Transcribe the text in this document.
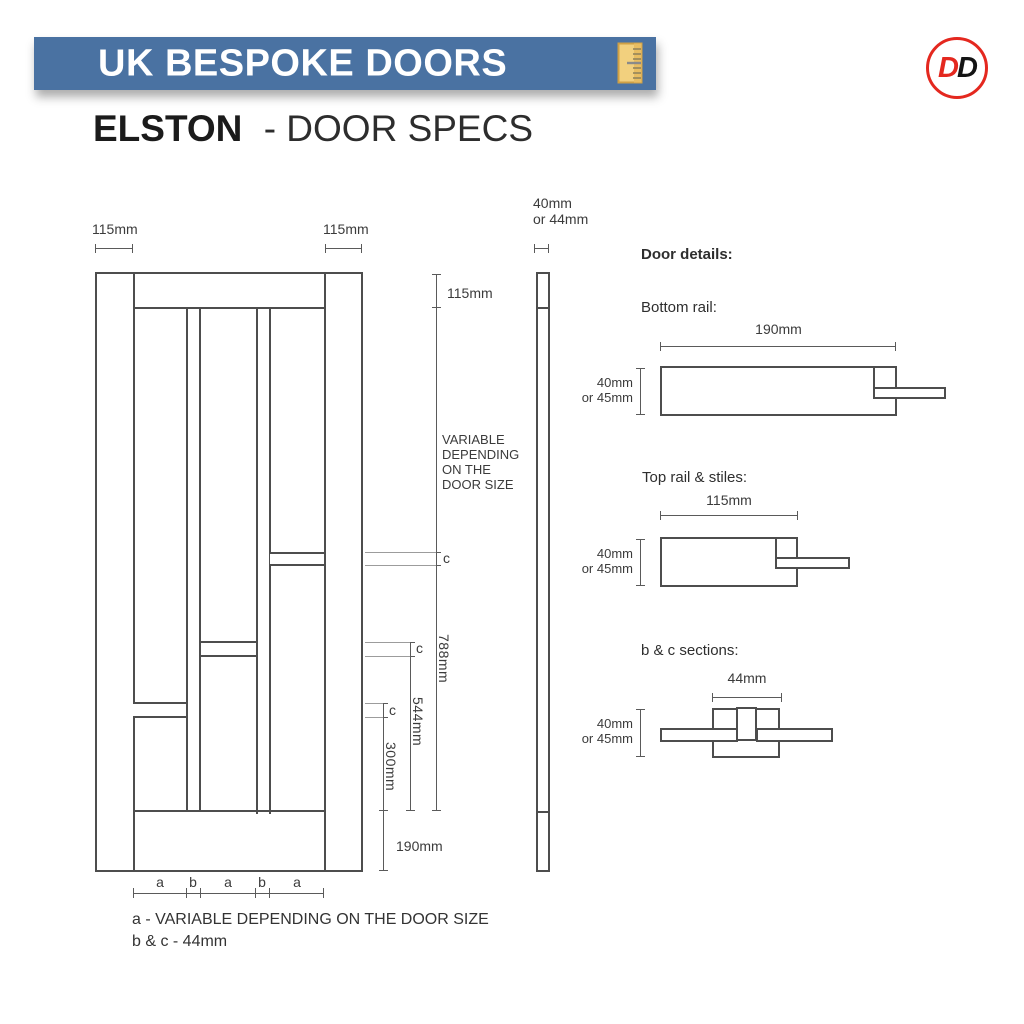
UK BESPOKE DOORS	D D
ELSTON - DOOR SPECS
115mm	115mm
115mm
VARIABLE
DEPENDING
ON THE
DOOR SIZE
c
788mm
c
544mm
c
300mm
190mm
a	b	a	b	a
40mm
or 44mm
Door details:
Bottom rail:
190mm
40mm
or 45mm
Top rail & stiles:
115mm
40mm
or 45mm
b & c sections:
44mm
40mm
or 45mm
a - VARIABLE DEPENDING ON THE DOOR SIZE
b & c - 44mm
